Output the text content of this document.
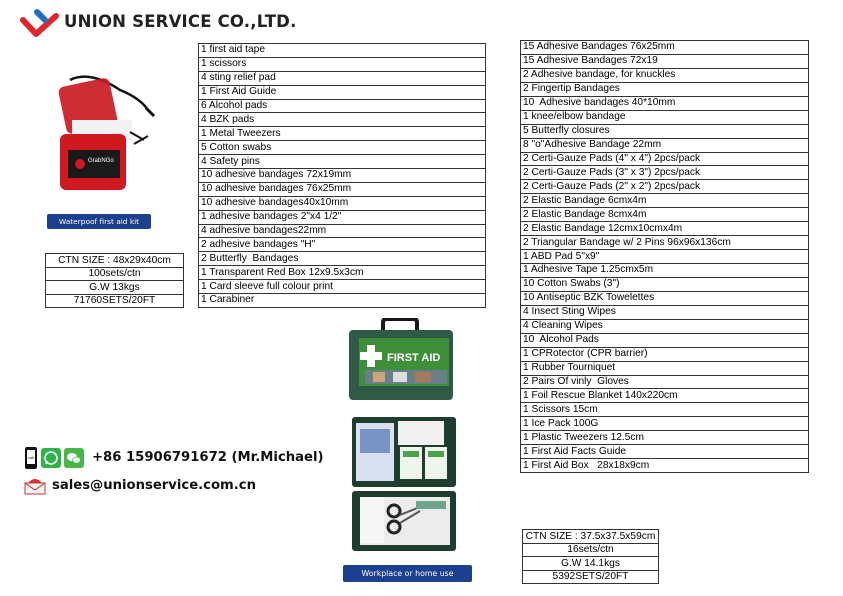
UNION SERVICE CO.,LTD.
GrabNGo
Waterpoof first aid kit
CTN SIZE : 48x29x40cm
100sets/ctn
G.W 13kgs
71760SETS/20FT
1 first aid tape
1 scissors
4 sting relief pad
1 First Aid Guide
6 Alcohol pads
4 BZK pads
1 Metal Tweezers
5 Cotton swabs
4 Safety pins
10 adhesive bandages 72x19mm
10 adhesive bandages 76x25mm
10 adhesive bandages40x10mm
1 adhesive bandages 2"x4 1/2"
4 adhesive bandages22mm
2 adhesive bandages "H"
2 Butterfly  Bandages
1 Transparent Red Box 12x9.5x3cm
1 Card sleeve full colour print
1 Carabiner
15 Adhesive Bandages 76x25mm
15 Adhesive Bandages 72x19
2 Adhesive bandage, for knuckles
2 Fingertip Bandages
10  Adhesive bandages 40*10mm
1 knee/elbow bandage
5 Butterfly closures
8 "o"Adhesive Bandage 22mm
2 Certi-Gauze Pads (4" x 4") 2pcs/pack
2 Certi-Gauze Pads (3" x 3") 2pcs/pack
2 Certi-Gauze Pads (2" x 2") 2pcs/pack
2 Elastic Bandage 6cmx4m
2 Elastic Bandage 8cmx4m
2 Elastic Bandage 12cmx10cmx4m
2 Triangular Bandage w/ 2 Pins 96x96x136cm
1 ABD Pad 5"x9"
1 Adhesive Tape 1.25cmx5m
10 Cotton Swabs (3")
10 Antiseptic BZK Towelettes
4 Insect Sting Wipes
4 Cleaning Wipes
10  Alcohol Pads
1 CPRotector (CPR barrier)
1 Rubber Tourniquet
2 Pairs Of vinly  Gloves
1 Foil Rescue Blanket 140x220cm
1 Scissors 15cm
1 Ice Pack 100G
1 Plastic Tweezers 12.5cm
1 First Aid Facts Guide
1 First Aid Box   28x18x9cm
FIRST AID
Workplace or home use
CTN SIZE : 37.5x37.5x59cm
16sets/ctn
G.W 14.1kgs
5392SETS/20FT
call	+86 15906791672 (Mr.Michael)
sales@unionservice.com.cn
